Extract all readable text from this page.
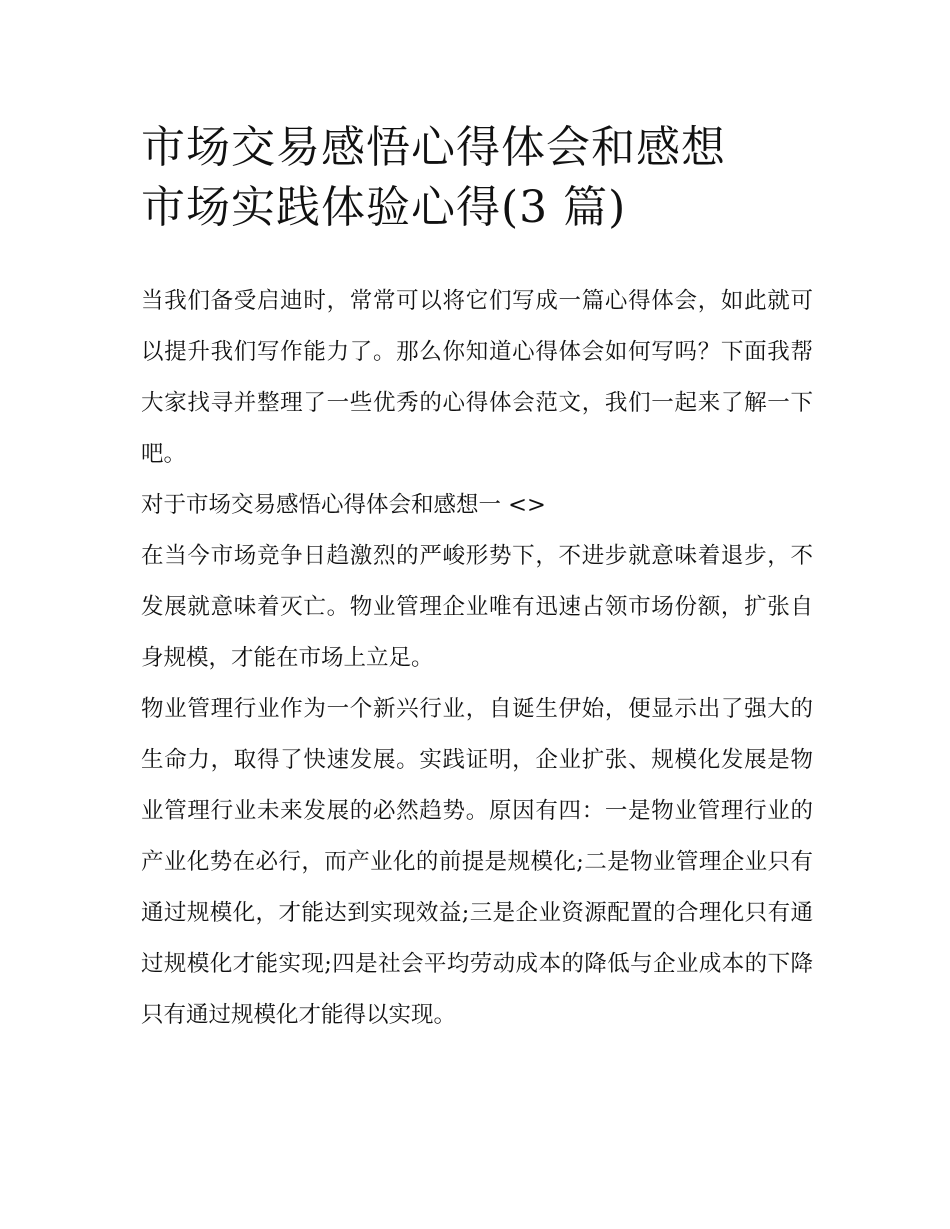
市场交易感悟心得体会和感想
市场实践体验心得(3 篇)

当我们备受启迪时，常常可以将它们写成一篇心得体会，如此就可以提升我们写作能力了。那么你知道心得体会如何写吗？下面我帮大家找寻并整理了一些优秀的心得体会范文，我们一起来了解一下吧。

对于市场交易感悟心得体会和感想一 <>

在当今市场竞争日趋激烈的严峻形势下，不进步就意味着退步，不发展就意味着灭亡。物业管理企业唯有迅速占领市场份额，扩张自身规模，才能在市场上立足。

物业管理行业作为一个新兴行业，自诞生伊始，便显示出了强大的生命力，取得了快速发展。实践证明，企业扩张、规模化发展是物业管理行业未来发展的必然趋势。原因有四：一是物业管理行业的产业化势在必行，而产业化的前提是规模化;二是物业管理企业只有通过规模化，才能达到实现效益;三是企业资源配置的合理化只有通过规模化才能实现;四是社会平均劳动成本的降低与企业成本的下降只有通过规模化才能得以实现。
